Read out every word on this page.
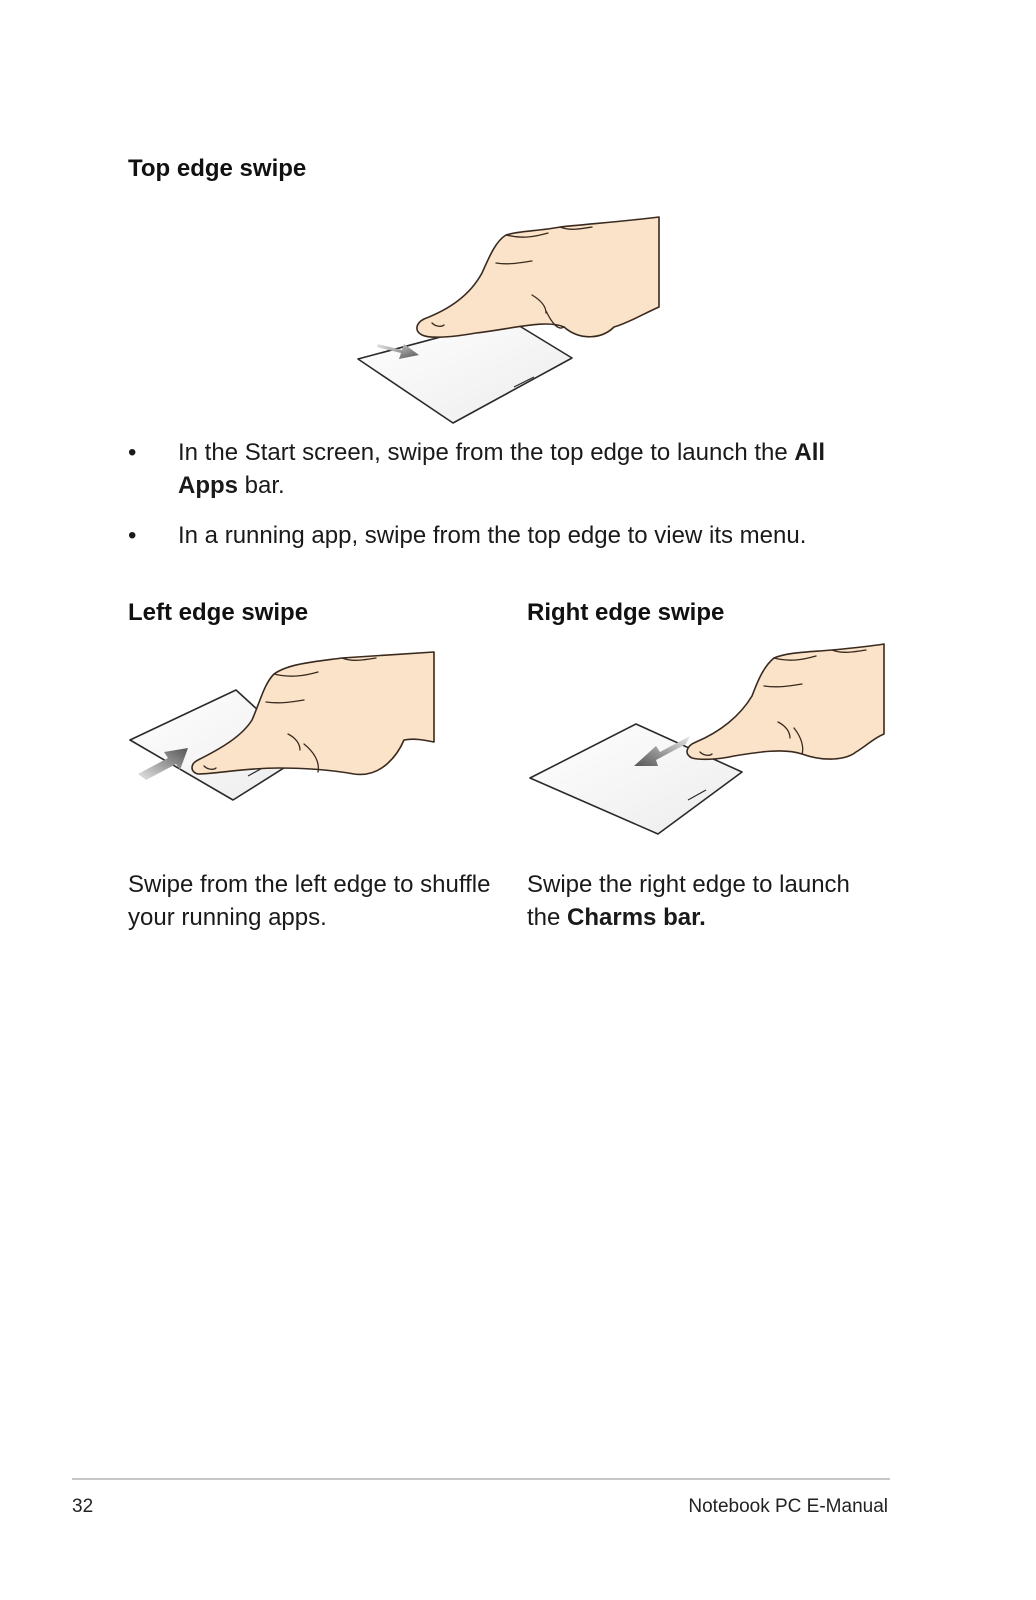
Top edge swipe
• In the Start screen, swipe from the top edge to launch the All Apps bar.
• In a running app, swipe from the top edge to view its menu.
Left edge swipe

Swipe from the left edge to shuffle your running apps.

Right edge swipe

Swipe the right edge to launch the Charms bar.

32	Notebook PC E-Manual
